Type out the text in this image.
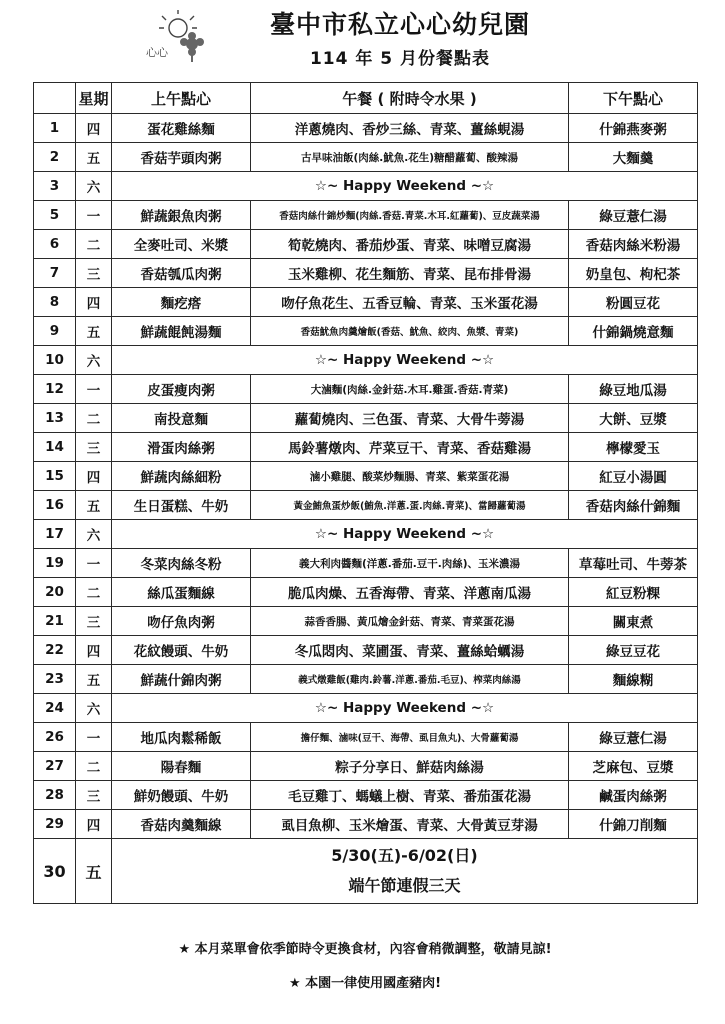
心心
臺中市私立心心幼兒園
114 年 5 月份餐點表
	星期	上午點心	午餐 ( 附時令水果 )	下午點心
1	四	蛋花雞絲麵	洋蔥燒肉、香炒三絲、青菜、薑絲蜆湯	什錦燕麥粥
2	五	香菇芋頭肉粥	古早味油飯(肉絲.魷魚.花生)糖醋蘿蔔、酸辣湯	大麵羹
3	六	☆~ Happy Weekend ~☆		
5	一	鮮蔬銀魚肉粥	香菇肉絲什錦炒麵(肉絲.香菇.青菜.木耳.紅蘿蔔)、豆皮蔬菜湯	綠豆薏仁湯
6	二	全麥吐司、米漿	筍乾燒肉、番茄炒蛋、青菜、味噌豆腐湯	香菇肉絲米粉湯
7	三	香菇瓠瓜肉粥	玉米雞柳、花生麵筋、青菜、昆布排骨湯	奶皇包、枸杞茶
8	四	麵疙瘩	吻仔魚花生、五香豆輪、青菜、玉米蛋花湯	粉圓豆花
9	五	鮮蔬餛飩湯麵	香菇魷魚肉羹燴飯(香菇、魷魚、絞肉、魚漿、青菜)	什錦鍋燒意麵
10	六	☆~ Happy Weekend ~☆		
12	一	皮蛋瘦肉粥	大滷麵(肉絲.金針菇.木耳.雞蛋.香菇.青菜)	綠豆地瓜湯
13	二	南投意麵	蘿蔔燒肉、三色蛋、青菜、大骨牛蒡湯	大餅、豆漿
14	三	滑蛋肉絲粥	馬鈴薯燉肉、芹菜豆干、青菜、香菇雞湯	檸檬愛玉
15	四	鮮蔬肉絲細粉	滷小雞腿、酸菜炒麵腸、青菜、紫菜蛋花湯	紅豆小湯圓
16	五	生日蛋糕、牛奶	黃金鮪魚蛋炒飯(鮪魚.洋蔥.蛋.肉絲.青菜)、當歸蘿蔔湯	香菇肉絲什錦麵
17	六	☆~ Happy Weekend ~☆		
19	一	冬菜肉絲冬粉	義大利肉醬麵(洋蔥.番茄.豆干.肉絲)、玉米濃湯	草莓吐司、牛蒡茶
20	二	絲瓜蛋麵線	脆瓜肉燥、五香海帶、青菜、洋蔥南瓜湯	紅豆粉粿
21	三	吻仔魚肉粥	蒜香香腸、黃瓜燴金針菇、青菜、青菜蛋花湯	關東煮
22	四	花紋饅頭、牛奶	冬瓜悶肉、菜圃蛋、青菜、薑絲蛤蠣湯	綠豆豆花
23	五	鮮蔬什錦肉粥	義式燉雞飯(雞肉.鈴薯.洋蔥.番茄.毛豆)、榨菜肉絲湯	麵線糊
24	六	☆~ Happy Weekend ~☆		
26	一	地瓜肉鬆稀飯	擔仔麵、滷味(豆干、海帶、虱目魚丸)、大骨蘿蔔湯	綠豆薏仁湯
27	二	陽春麵	粽子分享日、鮮菇肉絲湯	芝麻包、豆漿
28	三	鮮奶饅頭、牛奶	毛豆雞丁、螞蟻上樹、青菜、番茄蛋花湯	鹹蛋肉絲粥
29	四	香菇肉羹麵線	虱目魚柳、玉米燴蛋、青菜、大骨黃豆芽湯	什錦刀削麵
30	五	5/30(五)-6/02(日)
端午節連假三天		
★ 本月菜單會依季節時令更換食材，內容會稍微調整，敬請見諒!
★ 本園一律使用國產豬肉!
